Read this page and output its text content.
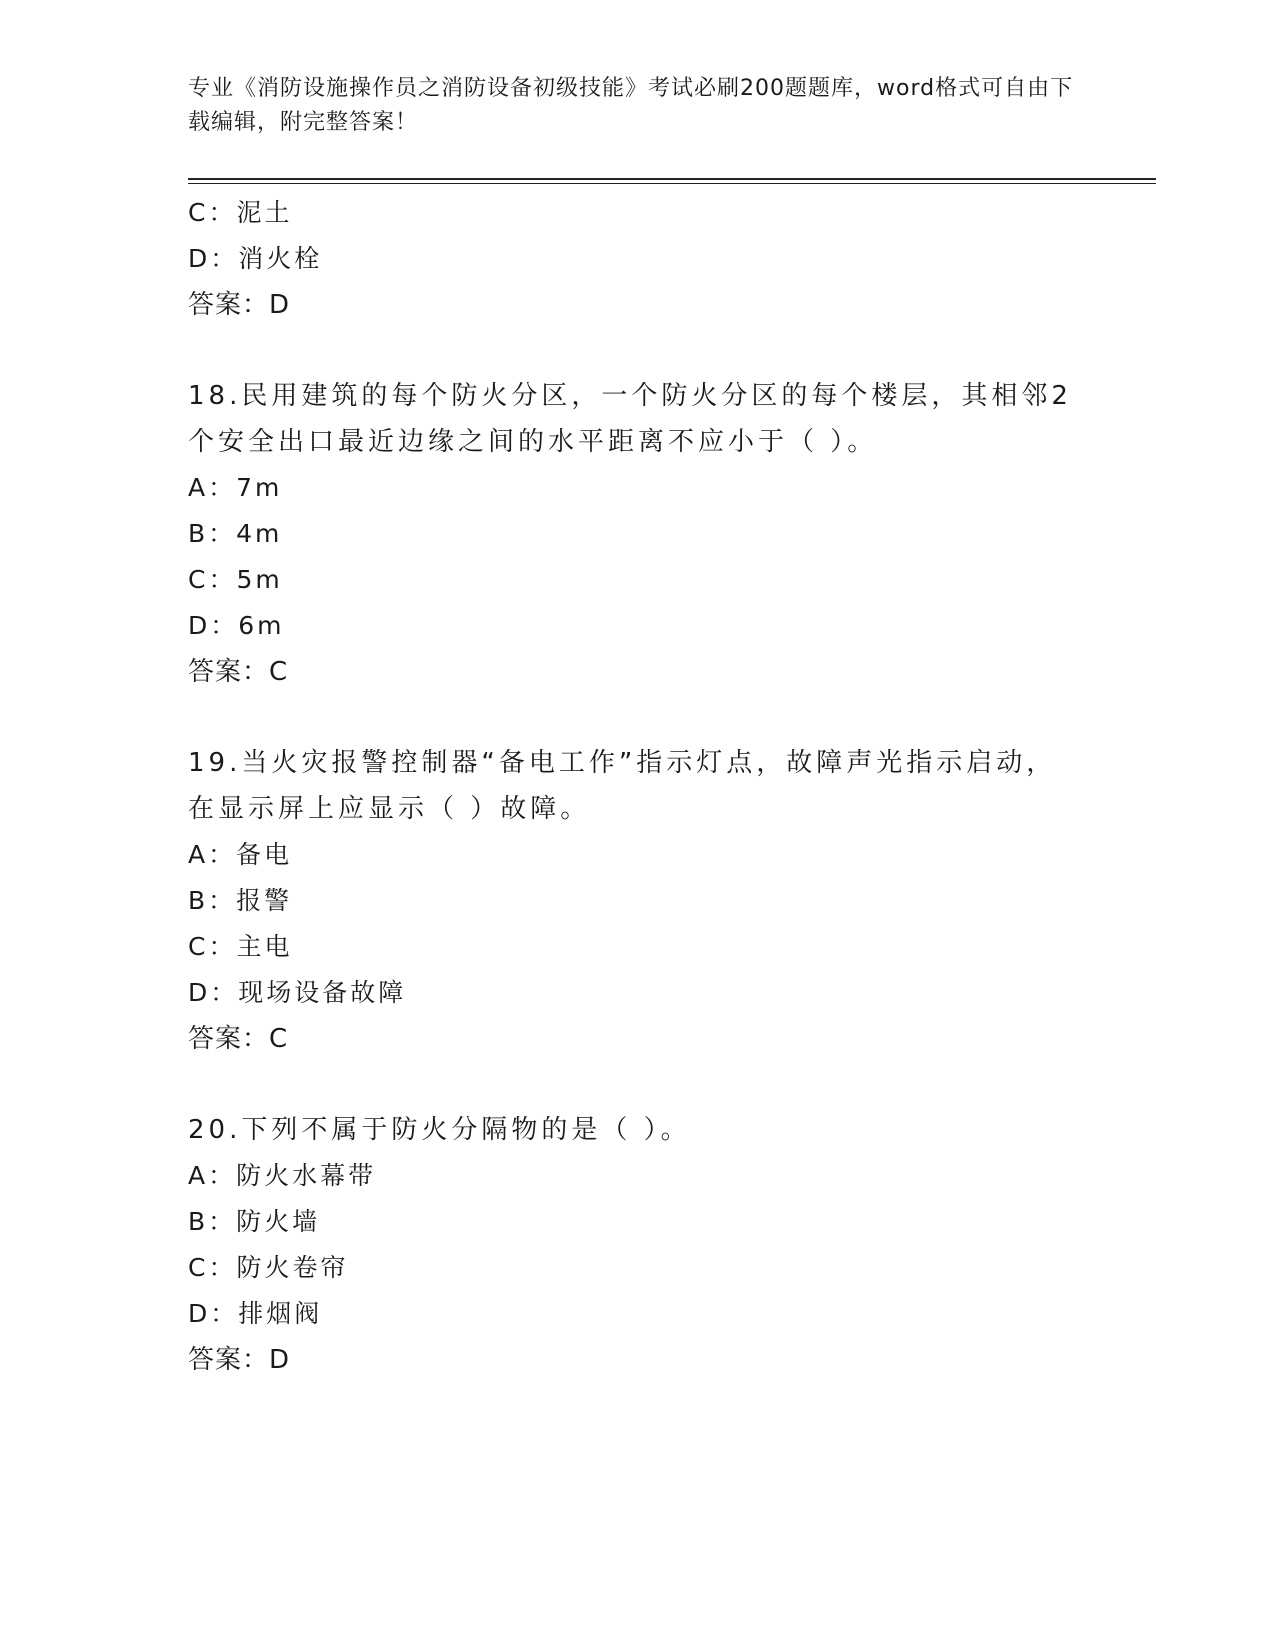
专业《消防设施操作员之消防设备初级技能》考试必刷200题题库，word格式可自由下载编辑，附完整答案！
C：泥土
D：消火栓
答案：D
18.民用建筑的每个防火分区，一个防火分区的每个楼层，其相邻2个安全出口最近边缘之间的水平距离不应小于（ ）。
A：7m
B：4m
C：5m
D：6m
答案：C
19.当火灾报警控制器“备电工作”指示灯点，故障声光指示启动，在显示屏上应显示（ ）故障。
A：备电
B：报警
C：主电
D：现场设备故障
答案：C
20.下列不属于防火分隔物的是（ ）。
A：防火水幕带
B：防火墙
C：防火卷帘
D：排烟阀
答案：D
